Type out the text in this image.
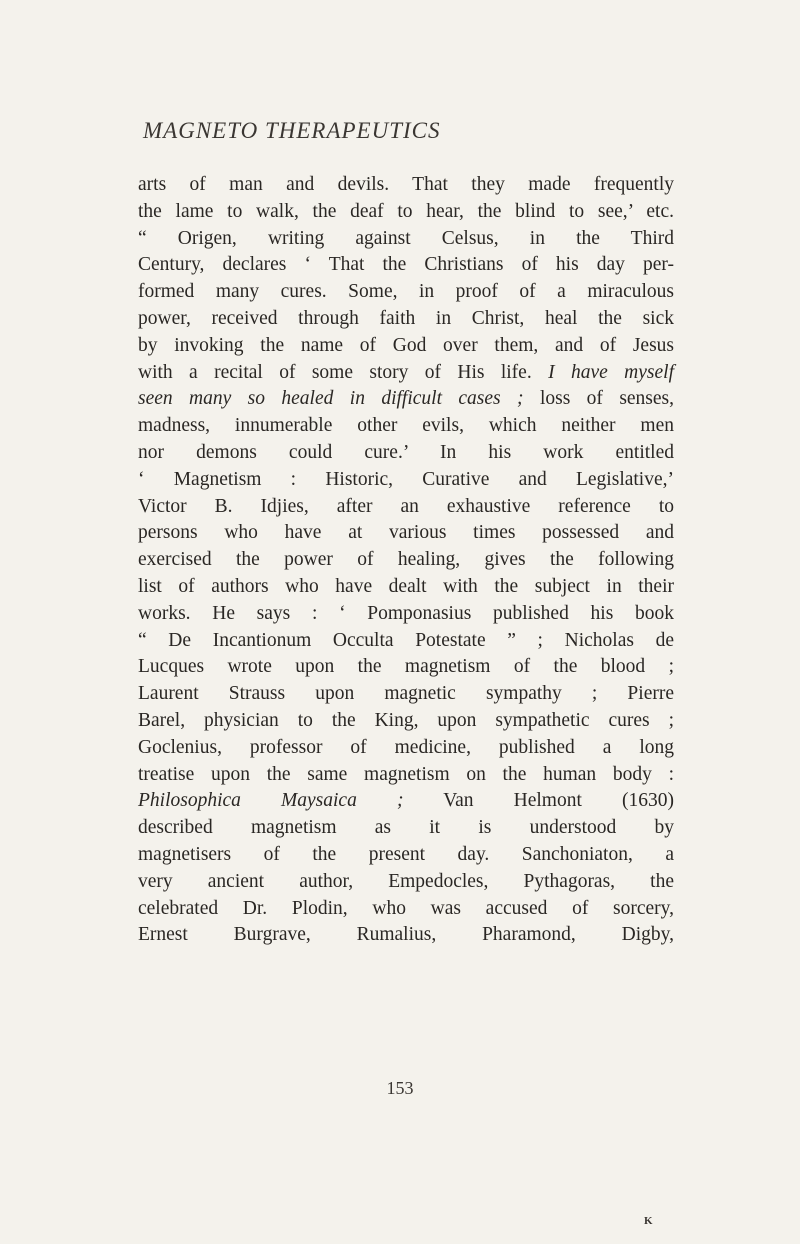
MAGNETO THERAPEUTICS
arts of man and devils. That they made frequently
the lame to walk, the deaf to hear, the blind to see,’ etc.
“ Origen, writing against Celsus, in the Third
Century, declares ‘ That the Christians of his day per-
formed many cures. Some, in proof of a miraculous
power, received through faith in Christ, heal the sick
by invoking the name of God over them, and of Jesus
with a recital of some story of His life. I have myself
seen many so healed in difficult cases ; loss of senses,
madness, innumerable other evils, which neither men
nor demons could cure.’ In his work entitled
‘ Magnetism : Historic, Curative and Legislative,’
Victor B. Idjies, after an exhaustive reference to
persons who have at various times possessed and
exercised the power of healing, gives the following
list of authors who have dealt with the subject in their
works. He says : ‘ Pomponasius published his book
“ De Incantionum Occulta Potestate ” ; Nicholas de
Lucques wrote upon the magnetism of the blood ;
Laurent Strauss upon magnetic sympathy ; Pierre
Barel, physician to the King, upon sympathetic cures ;
Goclenius, professor of medicine, published a long
treatise upon the same magnetism on the human body :
Philosophica Maysaica ; Van Helmont (1630)
described magnetism as it is understood by
magnetisers of the present day. Sanchoniaton, a
very ancient author, Empedocles, Pythagoras, the
celebrated Dr. Plodin, who was accused of sorcery,
Ernest Burgrave, Rumalius, Pharamond, Digby,
153
K
